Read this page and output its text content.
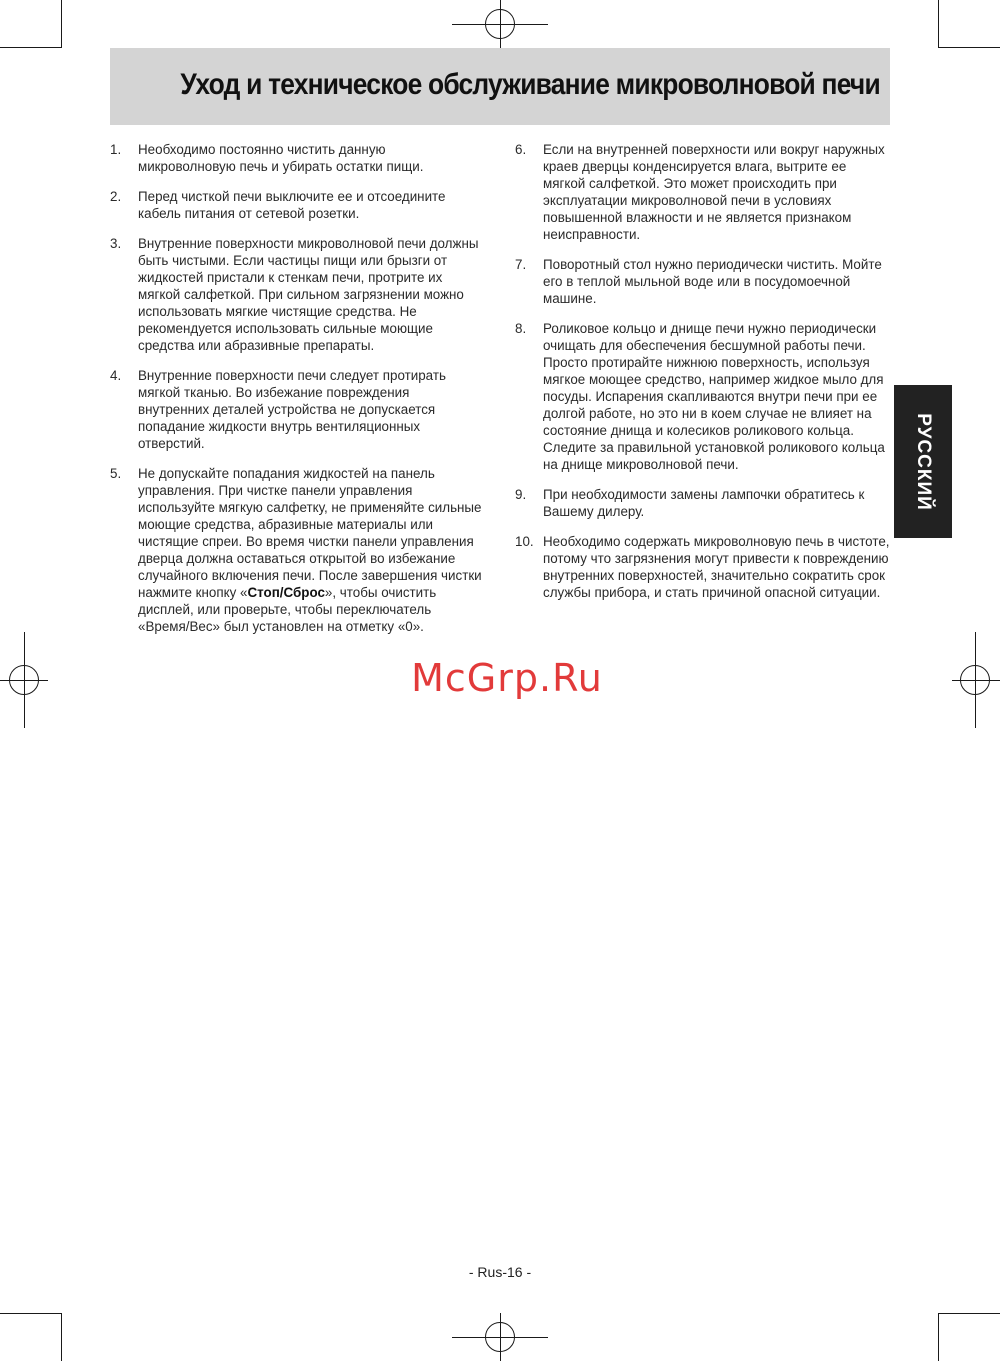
Уход и техническое обслуживание микроволновой печи
1. Необходимо постоянно чистить данную микроволновую печь и убирать остатки пищи.
2. Перед чисткой печи выключите ее и отсоедините кабель питания от сетевой розетки.
3. Внутренние поверхности микроволновой печи должны быть чистыми. Если частицы пищи или брызги от жидкостей пристали к стенкам печи, протрите их мягкой салфеткой. При сильном загрязнении можно использовать мягкие чистящие средства. Не рекомендуется использовать сильные моющие средства или абразивные препараты.
4. Внутренние поверхности печи следует протирать мягкой тканью. Во избежание повреждения внутренних деталей устройства не допускается попадание жидкости внутрь вентиляционных отверстий.
5. Не допускайте попадания жидкостей на панель управления. При чистке панели управления используйте мягкую салфетку, не применяйте сильные моющие средства, абразивные материалы или чистящие спреи. Во время чистки панели управления дверца должна оставаться открытой во избежание случайного включения печи. После завершения чистки нажмите кнопку «Стоп/Сброс», чтобы очистить дисплей, или проверьте, чтобы переключатель «Время/Вес» был установлен на отметку «0».
6. Если на внутренней поверхности или вокруг наружных краев дверцы конденсируется влага, вытрите ее мягкой салфеткой. Это может происходить при эксплуатации микроволновой печи в условиях повышенной влажности и не является признаком неисправности.
7. Поворотный стол нужно периодически чистить. Мойте его в теплой мыльной воде или в посудомоечной машине.
8. Роликовое кольцо и днище печи нужно периодически очищать для обеспечения бесшумной работы печи. Просто протирайте нижнюю поверхность, используя мягкое моющее средство, например жидкое мыло для посуды. Испарения скапливаются внутри печи при ее долгой работе, но это ни в коем случае не влияет на состояние днища и колесиков роликового кольца. Следите за правильной установкой роликового кольца на днище микроволновой печи.
9. При необходимости замены лампочки обратитесь к Вашему дилеру.
10. Необходимо содержать микроволновую печь в чистоте, потому что загрязнения могут привести к повреждению внутренних поверхностей, значительно сократить срок службы прибора, и стать причиной опасной ситуации.
McGrp.Ru
РУССКИЙ
- Rus-16 -
